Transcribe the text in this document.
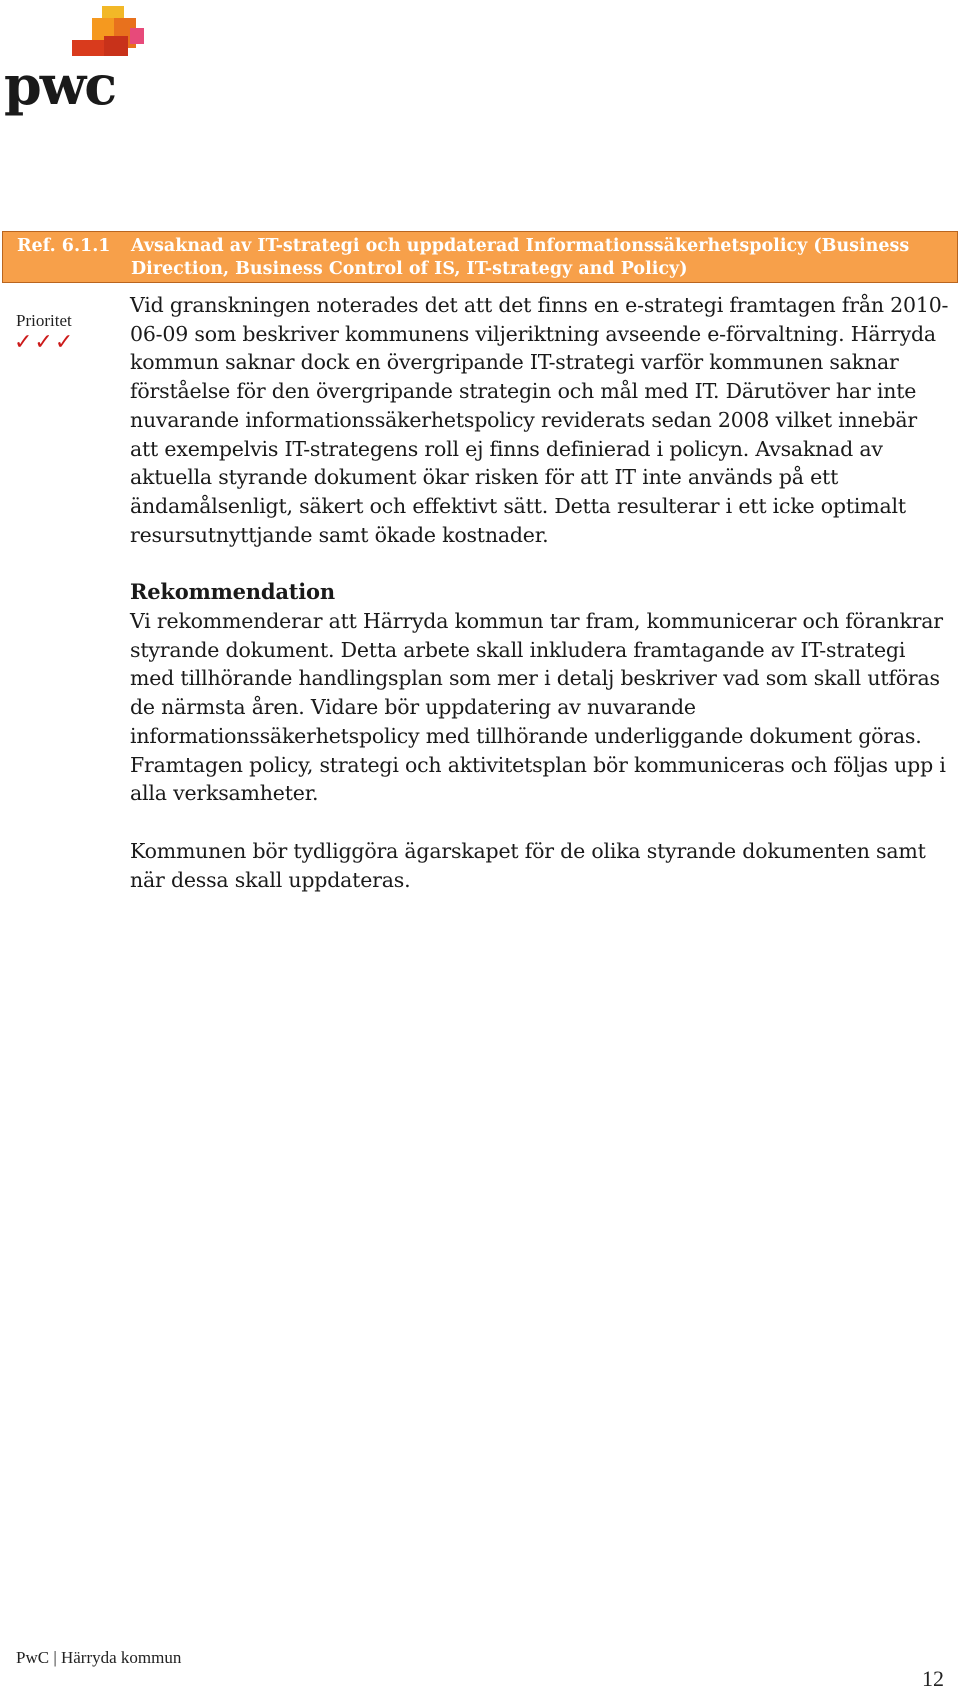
pwc
Ref. 6.1.1	Avsaknad av IT-strategi och uppdaterad Informationssäkerhetspolicy (Business Direction, Business Control of IS, IT-strategy and Policy)
Prioritet
✓✓✓

Vid granskningen noterades det att det finns en e-strategi framtagen från 2010-06-09 som beskriver kommunens viljeriktning avseende e-förvaltning. Härryda kommun saknar dock en övergripande IT-strategi varför kommunen saknar förståelse för den övergripande strategin och mål med IT. Därutöver har inte nuvarande informationssäkerhetspolicy reviderats sedan 2008 vilket innebär att exempelvis IT-strategens roll ej finns definierad i policyn. Avsaknad av aktuella styrande dokument ökar risken för att IT inte används på ett ändamålsenligt, säkert och effektivt sätt. Detta resulterar i ett icke optimalt resursutnyttjande samt ökade kostnader.

Rekommendation

Vi rekommenderar att Härryda kommun tar fram, kommunicerar och förankrar styrande dokument. Detta arbete skall inkludera framtagande av IT-strategi med tillhörande handlingsplan som mer i detalj beskriver vad som skall utföras de närmsta åren. Vidare bör uppdatering av nuvarande informationssäkerhetspolicy med tillhörande underliggande dokument göras. Framtagen policy, strategi och aktivitetsplan bör kommuniceras och följas upp i alla verksamheter.

Kommunen bör tydliggöra ägarskapet för de olika styrande dokumenten samt när dessa skall uppdateras.

PwC | Härryda kommun
12
